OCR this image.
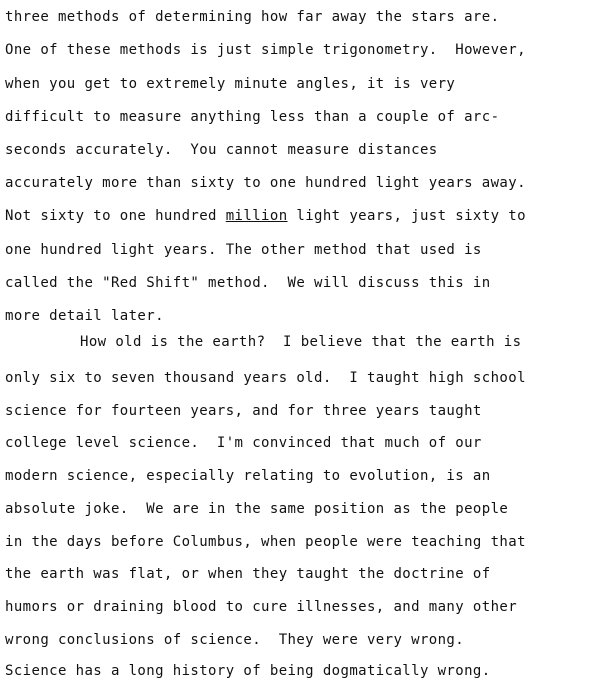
three methods of determining how far away the stars are.
One of these methods is just simple trigonometry.  However,
when you get to extremely minute angles, it is very
difficult to measure anything less than a couple of arc-
seconds accurately.  You cannot measure distances
accurately more than sixty to one hundred light years away.
Not sixty to one hundred million light years, just sixty to
one hundred light years. The other method that used is
called the "Red Shift" method.  We will discuss this in
more detail later.
How old is the earth?  I believe that the earth is
only six to seven thousand years old.  I taught high school
science for fourteen years, and for three years taught
college level science.  I'm convinced that much of our
modern science, especially relating to evolution, is an
absolute joke.  We are in the same position as the people
in the days before Columbus, when people were teaching that
the earth was flat, or when they taught the doctrine of
humors or draining blood to cure illnesses, and many other
wrong conclusions of science.  They were very wrong.
Science has a long history of being dogmatically wrong.
